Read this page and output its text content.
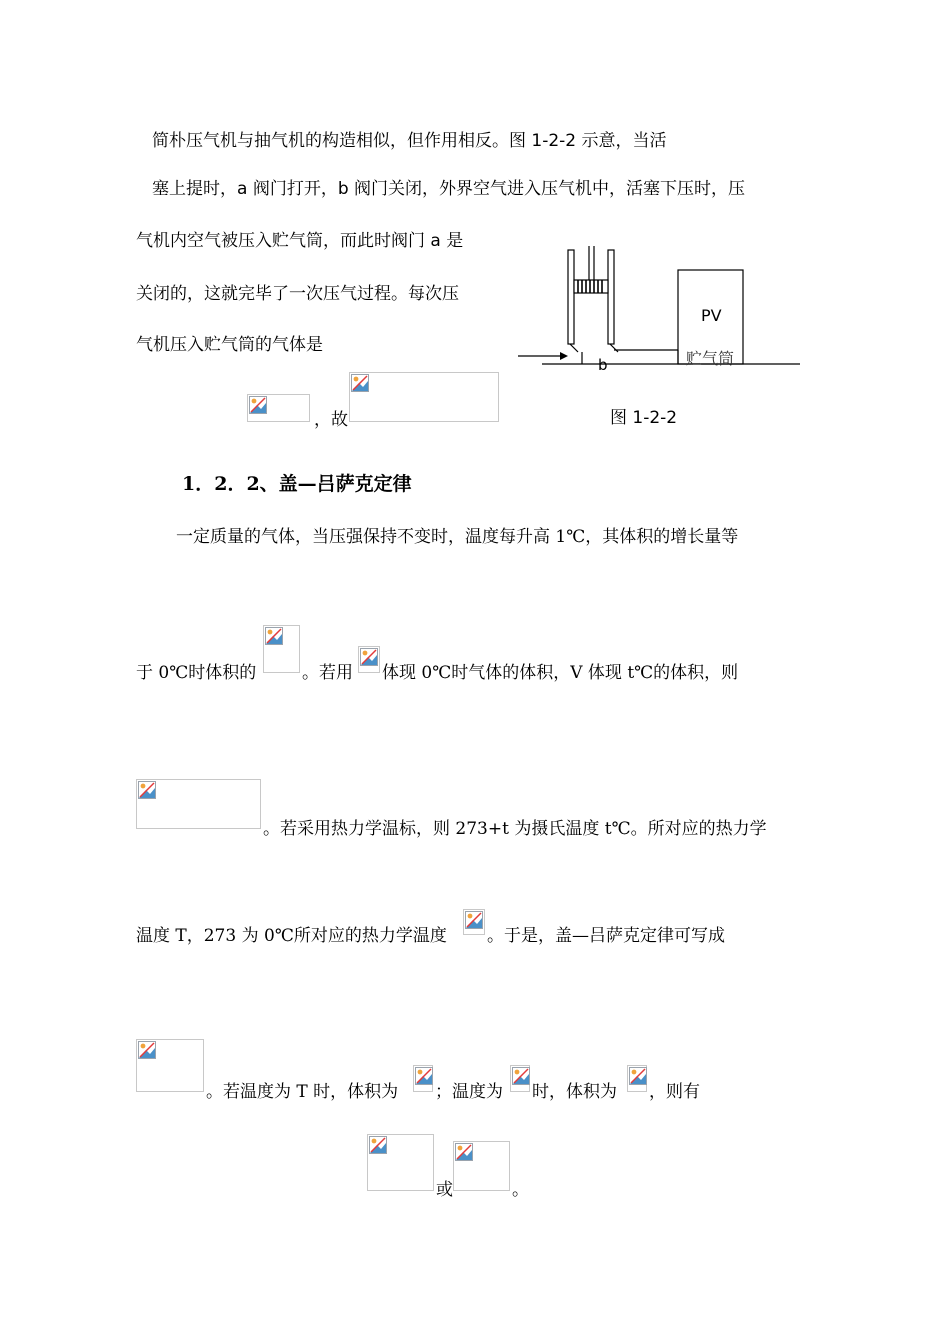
简朴压气机与抽气机的构造相似，但作用相反。图 1-2-2 示意，当活
塞上提时，a 阀门打开，b 阀门关闭，外界空气进入压气机中，活塞下压时，压
气机内空气被压入贮气筒，而此时阀门 a 是
关闭的，这就完毕了一次压气过程。每次压
气机压入贮气筒的气体是
，故
PV
贮气筒
b
图 1-2-2
1．2．2、盖—吕萨克定律
一定质量的气体，当压强保持不变时，温度每升高 1℃，其体积的增长量等
于 0℃时体积的	。若用 体现 0℃时气体的体积，V 体现 t℃的体积，则
。若采用热力学温标，则 273+t 为摄氏温度 t℃。所对应的热力学
温度 T，273 为 0℃所对应的热力学温度 。于是，盖—吕萨克定律可写成
。若温度为 T 时，体积为 ；温度为 时，体积为 ，则有
或	。
